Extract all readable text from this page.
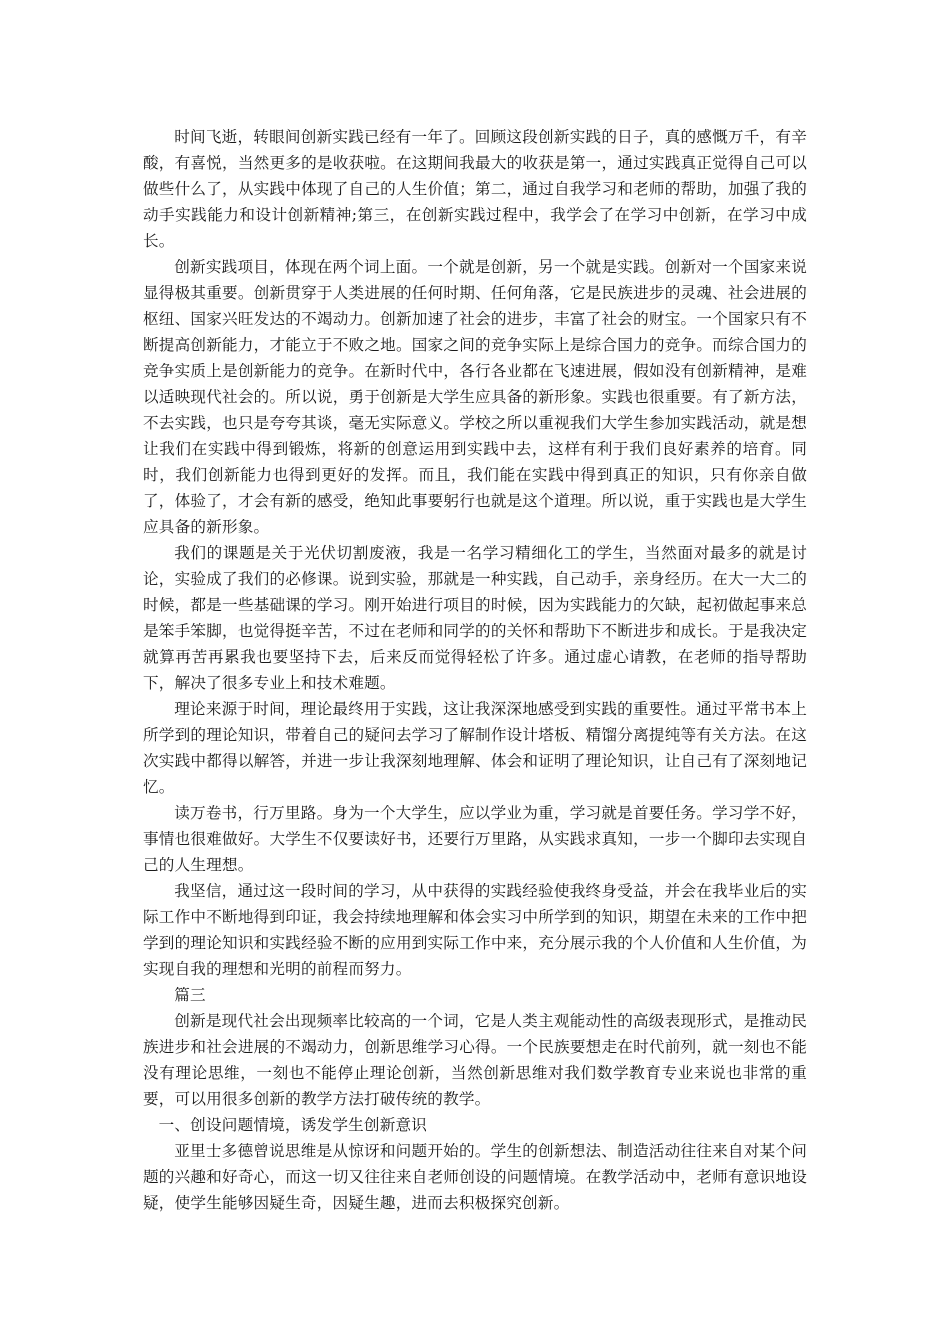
时间飞逝，转眼间创新实践已经有一年了。回顾这段创新实践的日子，真的感慨万千，有辛酸，有喜悦，当然更多的是收获啦。在这期间我最大的收获是第一，通过实践真正觉得自己可以做些什么了，从实践中体现了自己的人生价值；第二，通过自我学习和老师的帮助，加强了我的动手实践能力和设计创新精神;第三，在创新实践过程中，我学会了在学习中创新，在学习中成长。

创新实践项目，体现在两个词上面。一个就是创新，另一个就是实践。创新对一个国家来说显得极其重要。创新贯穿于人类进展的任何时期、任何角落，它是民族进步的灵魂、社会进展的枢纽、国家兴旺发达的不竭动力。创新加速了社会的进步，丰富了社会的财宝。一个国家只有不断提高创新能力，才能立于不败之地。国家之间的竞争实际上是综合国力的竞争。而综合国力的竞争实质上是创新能力的竞争。在新时代中，各行各业都在飞速进展，假如没有创新精神，是难以适映现代社会的。所以说，勇于创新是大学生应具备的新形象。实践也很重要。有了新方法，不去实践，也只是夸夸其谈，毫无实际意义。学校之所以重视我们大学生参加实践活动，就是想让我们在实践中得到锻炼，将新的创意运用到实践中去，这样有利于我们良好素养的培育。同时，我们创新能力也得到更好的发挥。而且，我们能在实践中得到真正的知识，只有你亲自做了，体验了，才会有新的感受，绝知此事要躬行也就是这个道理。所以说，重于实践也是大学生应具备的新形象。

我们的课题是关于光伏切割废液，我是一名学习精细化工的学生，当然面对最多的就是讨论，实验成了我们的必修课。说到实验，那就是一种实践，自己动手，亲身经历。在大一大二的时候，都是一些基础课的学习。刚开始进行项目的时候，因为实践能力的欠缺，起初做起事来总是笨手笨脚，也觉得挺辛苦，不过在老师和同学的的关怀和帮助下不断进步和成长。于是我决定就算再苦再累我也要坚持下去，后来反而觉得轻松了许多。通过虚心请教，在老师的指导帮助下，解决了很多专业上和技术难题。

理论来源于时间，理论最终用于实践，这让我深深地感受到实践的重要性。通过平常书本上所学到的理论知识，带着自己的疑问去学习了解制作设计塔板、精馏分离提纯等有关方法。在这次实践中都得以解答，并进一步让我深刻地理解、体会和证明了理论知识，让自己有了深刻地记忆。

读万卷书，行万里路。身为一个大学生，应以学业为重，学习就是首要任务。学习学不好，事情也很难做好。大学生不仅要读好书，还要行万里路，从实践求真知，一步一个脚印去实现自己的人生理想。

我坚信，通过这一段时间的学习，从中获得的实践经验使我终身受益，并会在我毕业后的实际工作中不断地得到印证，我会持续地理解和体会实习中所学到的知识，期望在未来的工作中把学到的理论知识和实践经验不断的应用到实际工作中来，充分展示我的个人价值和人生价值，为实现自我的理想和光明的前程而努力。

篇三

创新是现代社会出现频率比较高的一个词，它是人类主观能动性的高级表现形式，是推动民族进步和社会进展的不竭动力，创新思维学习心得。一个民族要想走在时代前列，就一刻也不能没有理论思维，一刻也不能停止理论创新，当然创新思维对我们数学教育专业来说也非常的重要，可以用很多创新的教学方法打破传统的教学。

一、创设问题情境，诱发学生创新意识

亚里士多德曾说思维是从惊讶和问题开始的。学生的创新想法、制造活动往往来自对某个问题的兴趣和好奇心，而这一切又往往来自老师创设的问题情境。在教学活动中，老师有意识地设疑，使学生能够因疑生奇，因疑生趣，进而去积极探究创新。
